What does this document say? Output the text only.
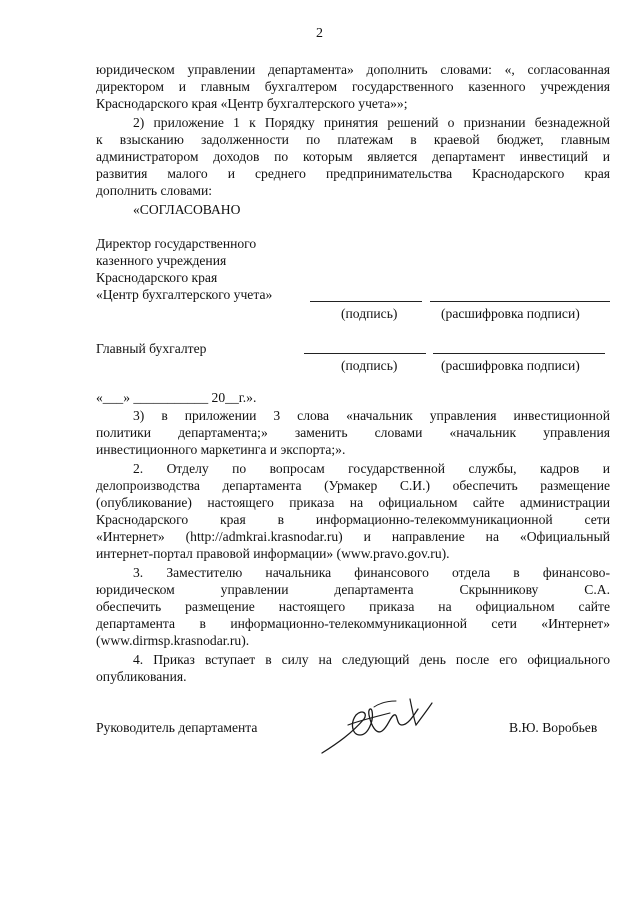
2
юридическом управлении департамента» дополнить словами: «, согласованная
директором и главным бухгалтером государственного казенного учреждения
Краснодарского края «Центр бухгалтерского учета»»;
2) приложение 1 к Порядку принятия решений о признании безнадежной
к взысканию задолженности по платежам в краевой бюджет, главным
администратором доходов по которым является департамент инвестиций и
развития малого и среднего предпринимательства Краснодарского края
дополнить словами:
«СОГЛАСОВАНО
Директор государственного
казенного учреждения
Краснодарского края
«Центр бухгалтерского учета»
(подпись)	(расшифровка подписи)
Главный бухгалтер
(подпись)	(расшифровка подписи)
«___» ___________ 20__г.».
3) в приложении 3 слова «начальник управления инвестиционной
политики департамента;» заменить словами «начальник управления
инвестиционного маркетинга и экспорта;».
2. Отделу по вопросам государственной службы, кадров и
делопроизводства департамента (Урмакер С.И.) обеспечить размещение
(опубликование) настоящего приказа на официальном сайте администрации
Краснодарского края в информационно-телекоммуникационной сети
«Интернет» (http://admkrai.krasnodar.ru) и направление на «Официальный
интернет-портал правовой информации» (www.pravo.gov.ru).
3. Заместителю начальника финансового отдела в финансово-
юридическом управлении департамента Скрынникову С.А.
обеспечить размещение настоящего приказа на официальном сайте
департамента в информационно-телекоммуникационной сети «Интернет»
(www.dirmsp.krasnodar.ru).
4. Приказ вступает в силу на следующий день после его официального
опубликования.
Руководитель департамента	В.Ю. Воробьев
